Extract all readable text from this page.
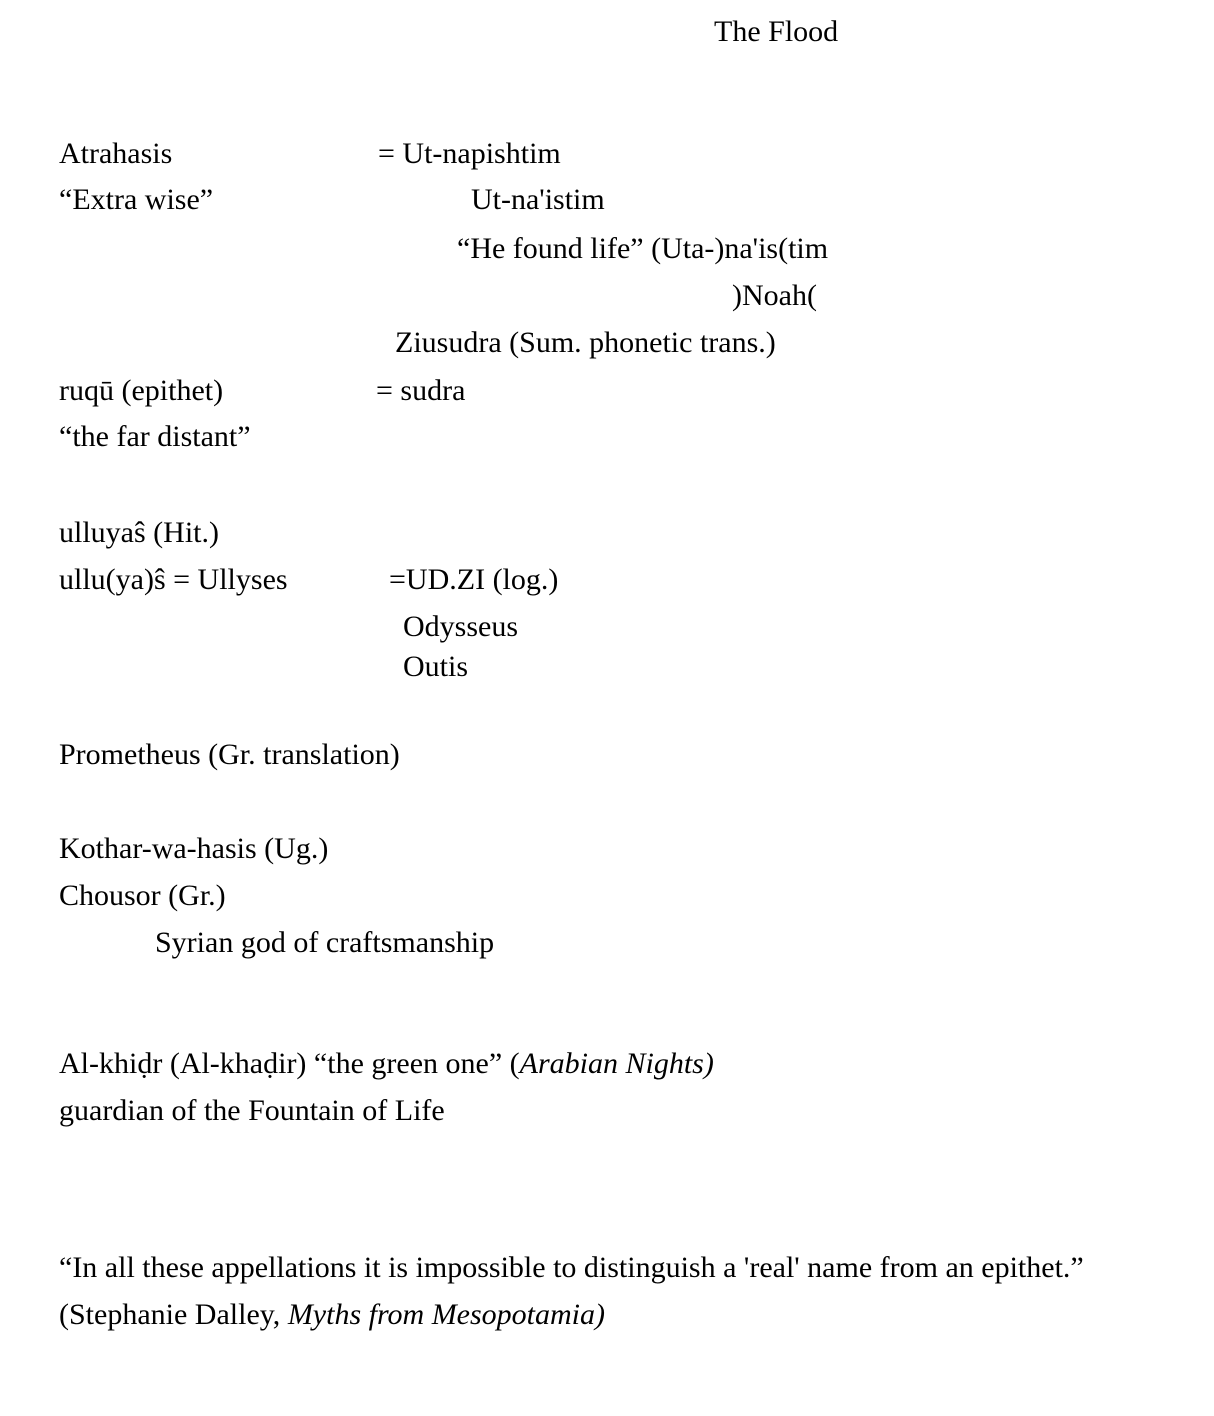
The Flood
Atrahasis
“Extra wise”
= Ut-napishtim
Ut-na'istim
“He found life” (Uta-)na'is(tim
)Noah(
Ziusudra (Sum. phonetic trans.)
ruqū (epithet)
“the far distant”
= sudra
ulluyaŝ (Hit.)
ullu(ya)ŝ = Ullyses	=UD.ZI (log.)
Odysseus
Outis
Prometheus (Gr. translation)
Kothar-wa-hasis (Ug.)
Chousor (Gr.)
Syrian god of craftsmanship
Al-khiḍr (Al-khaḍir) “the green one” (Arabian Nights)
guardian of the Fountain of Life
“In all these appellations it is impossible to distinguish a 'real' name from an epithet.”
(Stephanie Dalley, Myths from Mesopotamia)
